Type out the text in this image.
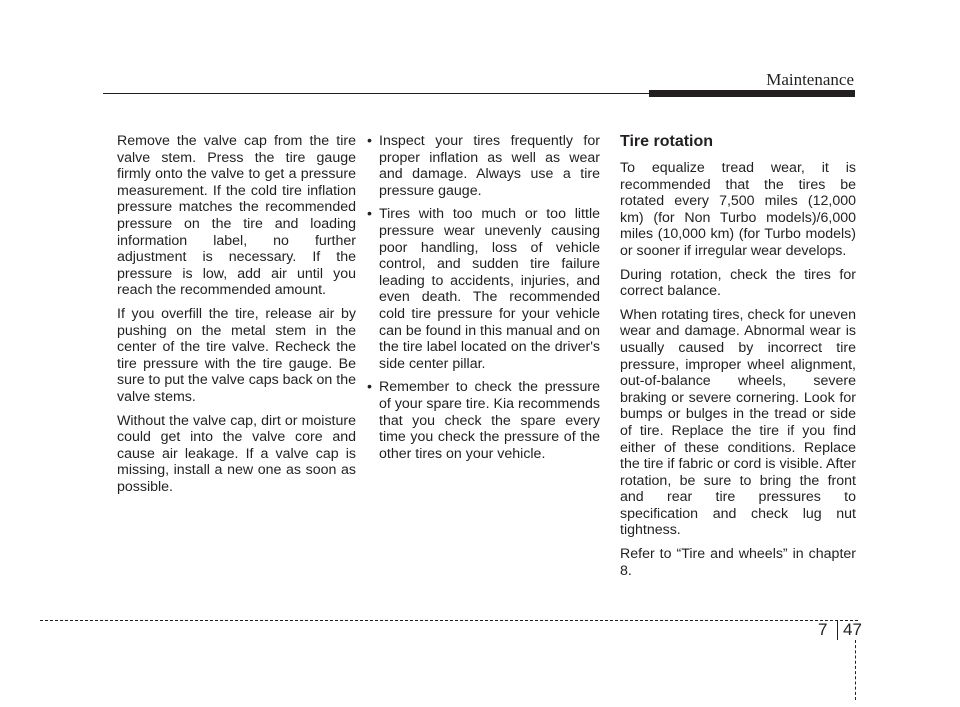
Maintenance

Remove the valve cap from the tire valve stem. Press the tire gauge firmly onto the valve to get a pressure measurement. If the cold tire inflation pressure matches the recommended pressure on the tire and loading information label, no further adjustment is necessary. If the pressure is low, add air until you reach the recommended amount.

If you overfill the tire, release air by pushing on the metal stem in the center of the tire valve. Recheck the tire pressure with the tire gauge. Be sure to put the valve caps back on the valve stems.

Without the valve cap, dirt or moisture could get into the valve core and cause air leakage. If a valve cap is missing, install a new one as soon as possible.

• Inspect your tires frequently for proper inflation as well as wear and damage. Always use a tire pressure gauge.
• Tires with too much or too little pressure wear unevenly causing poor handling, loss of vehicle control, and sudden tire failure leading to accidents, injuries, and even death. The recommended cold tire pressure for your vehicle can be found in this manual and on the tire label located on the driver's side center pillar.
• Remember to check the pressure of your spare tire. Kia recommends that you check the spare every time you check the pressure of the other tires on your vehicle.
Tire rotation

To equalize tread wear, it is recommended that the tires be rotated every 7,500 miles (12,000 km) (for Non Turbo models)/6,000 miles (10,000 km) (for Turbo models) or sooner if irregular wear develops.

During rotation, check the tires for correct balance.

When rotating tires, check for uneven wear and damage. Abnormal wear is usually caused by incorrect tire pressure, improper wheel alignment, out-of-balance wheels, severe braking or severe cornering. Look for bumps or bulges in the tread or side of tire. Replace the tire if you find either of these conditions. Replace the tire if fabric or cord is visible. After rotation, be sure to bring the front and rear tire pressures to specification and check lug nut tightness.

Refer to “Tire and wheels” in chapter 8.

7 47
